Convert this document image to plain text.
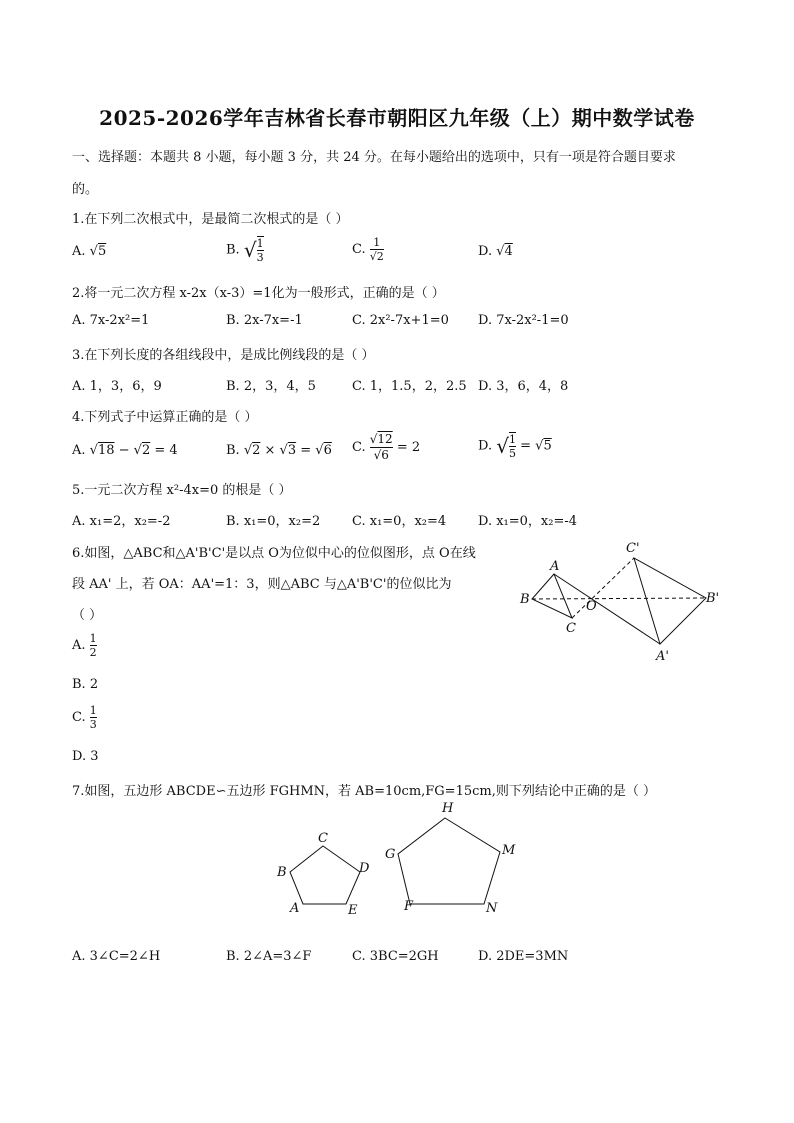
2025-2026学年吉林省长春市朝阳区九年级（上）期中数学试卷
一、选择题：本题共 8 小题，每小题 3 分，共 24 分。在每小题给出的选项中，只有一项是符合题目要求
的。
1.在下列二次根式中，是最简二次根式的是（ ）
A. √5	B. √ $\frac{1}{3}$	C. $\frac{1}{√2}$	D. √4
2.将一元二次方程 x-2x（x-3）=1化为一般形式，正确的是（ ）
A. 7x-2x²=1	B. 2x-7x=-1	C. 2x²-7x+1=0 D. 7x-2x²-1=0
3.在下列长度的各组线段中，是成比例线段的是（ ）
A. 1，3，6，9	B. 2，3，4，5	C. 1，1.5，2，2.5 D. 3，6，4，8
4.下列式子中运算正确的是（ ）
A. √18 − √2 = 4	B. √2 × √3 = √6 C. $\frac{√12}{√6} = 2$	D. √ $\frac{1}{5} = √5$
5.一元二次方程 x²-4x=0 的根是（ ）
A. x₁=2，x₂=-2	B. x₁=0，x₂=2 C. x₁=0，x₂=4 D. x₁=0，x₂=-4
6.如图，△ABC和△A'B'C'是以点 O为位似中心的位似图形，点 O在线
段 AA' 上，若 OA：AA'=1：3，则△ABC 与△A'B'C'的位似比为
（ ）
A. $\frac{1}{2}$
B. 2
C. $\frac{1}{3}$
D. 3
A
B
C
O
A'
B'
C'
7.如图，五边形 ABCDE∽五边形 FGHMN，若 AB=10cm,FG=15cm,则下列结论中正确的是（ ）
A
B
C
D
E	F
G
H
M
N
A. 3∠C=2∠H	B. 2∠A=3∠F	C. 3BC=2GH	D. 2DE=3MN
